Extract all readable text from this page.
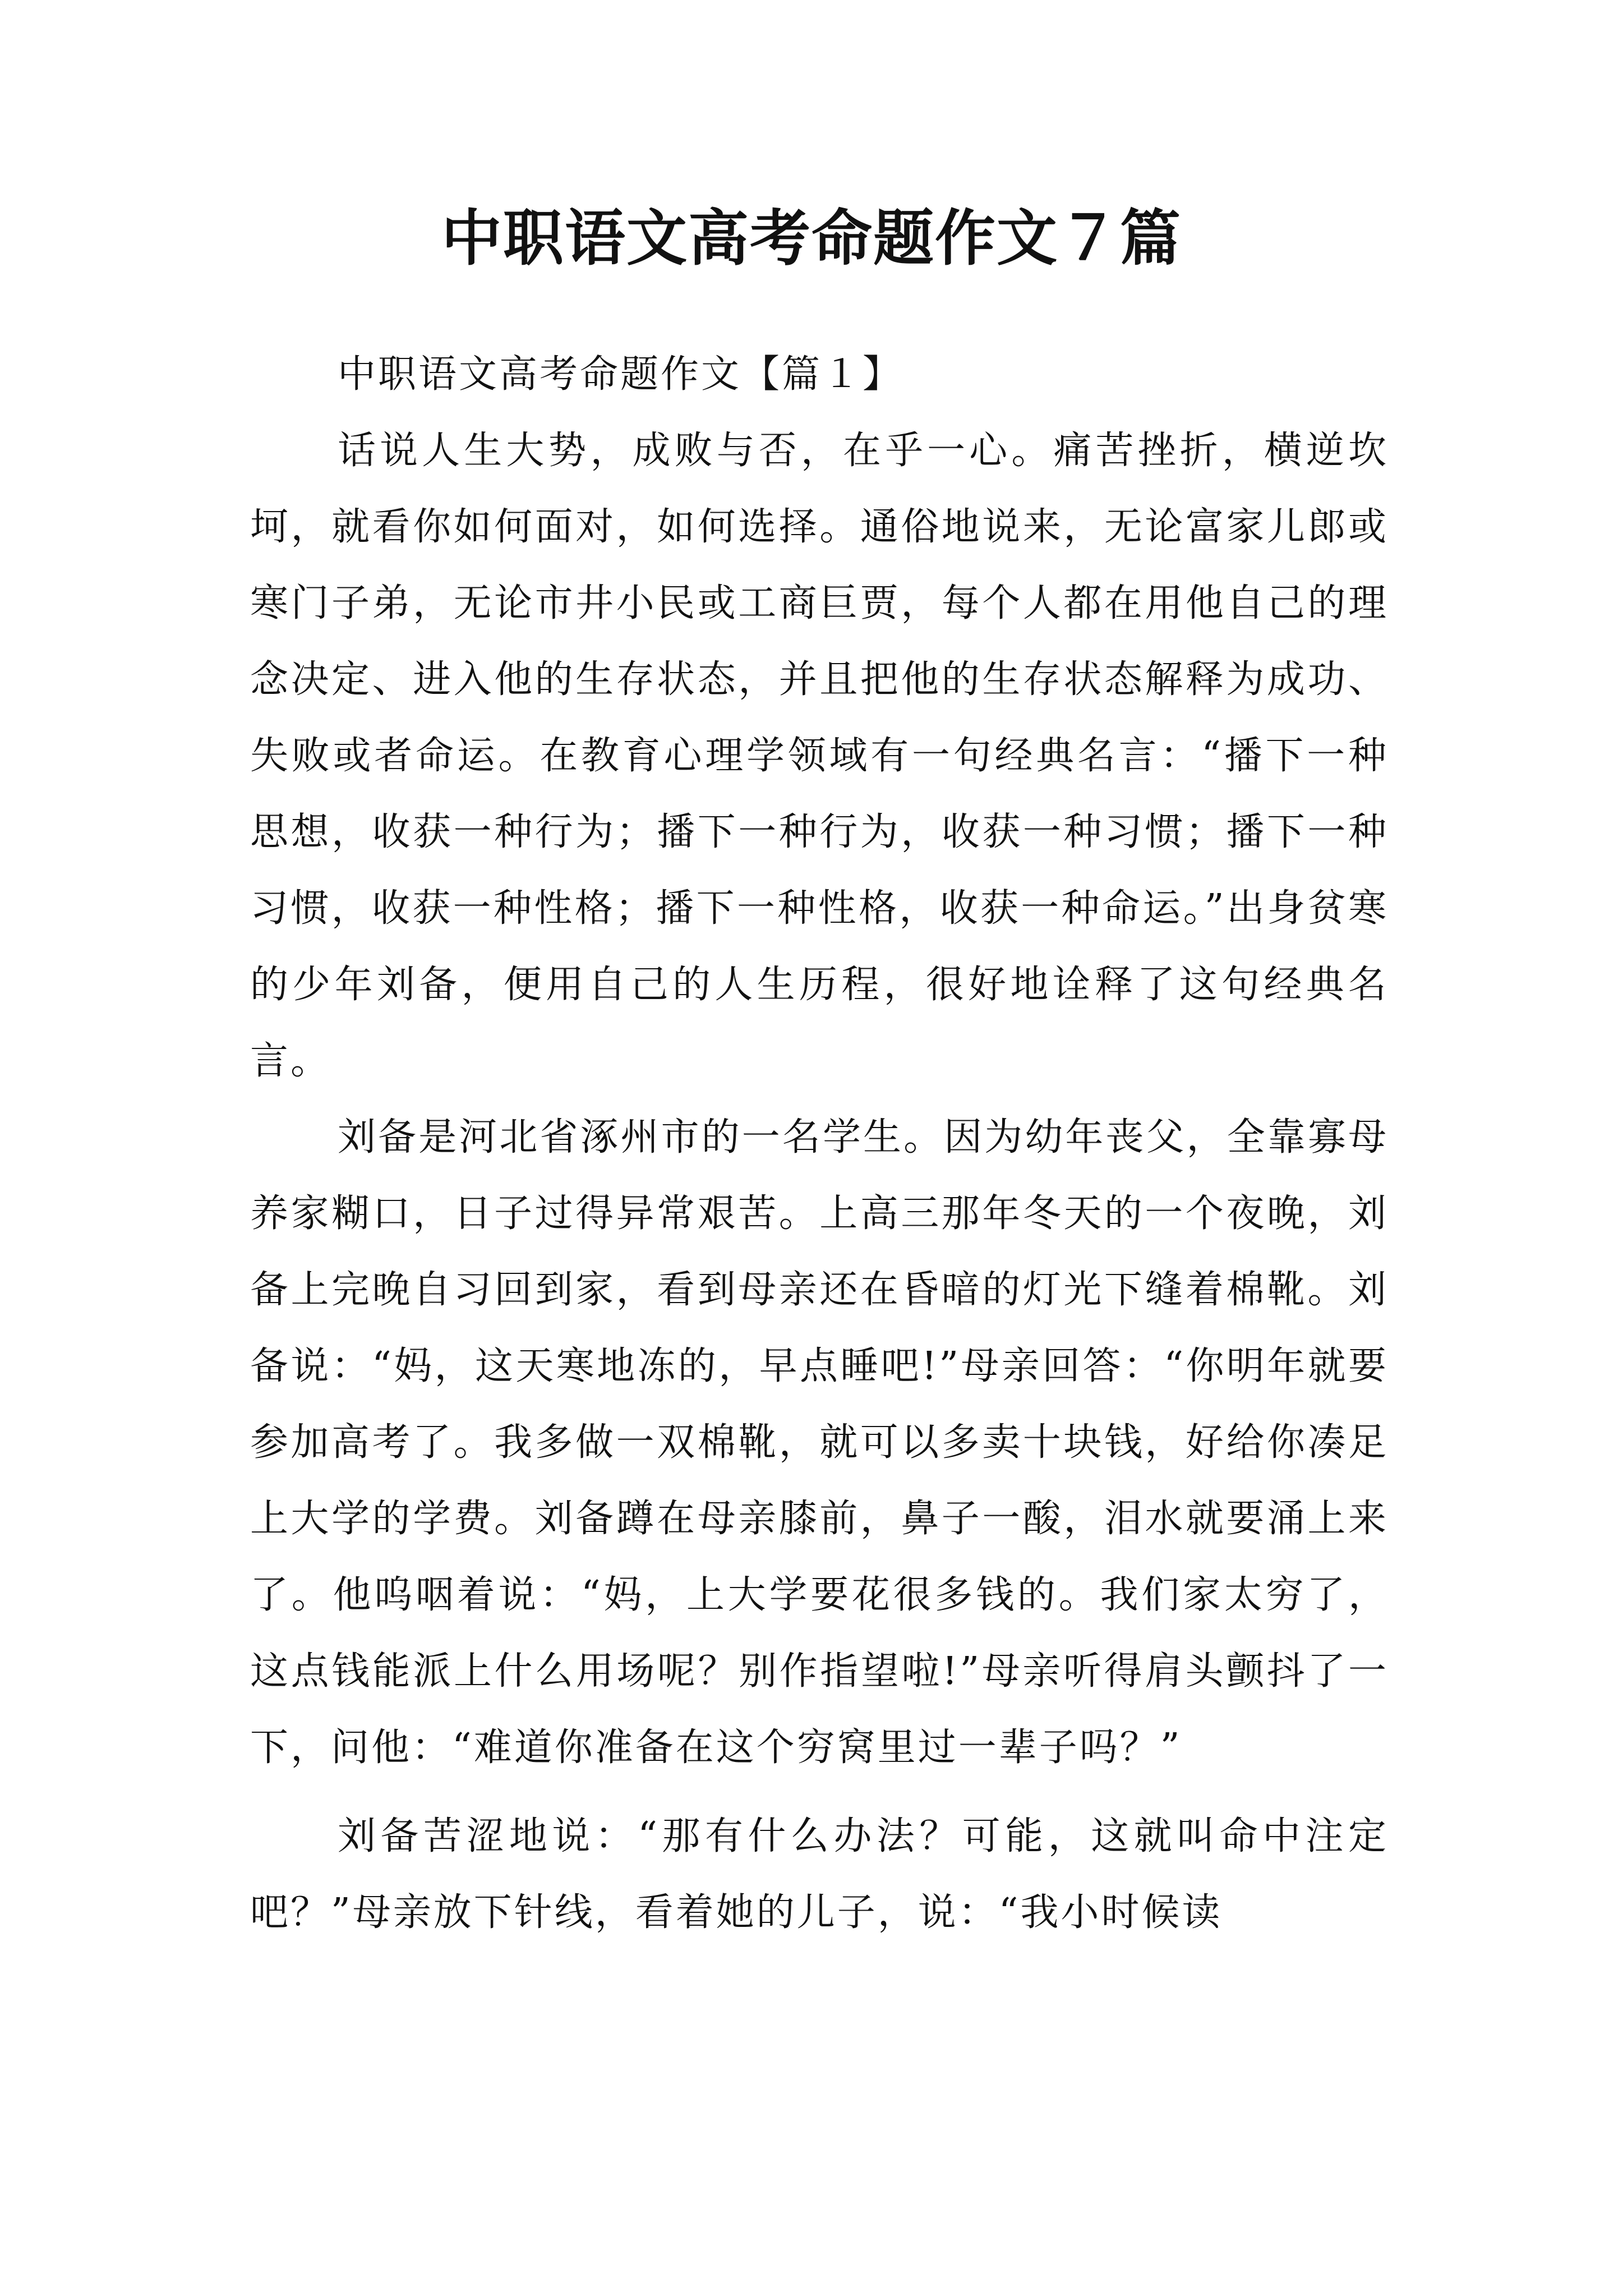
中职语文高考命题作文７篇

中职语文高考命题作文【篇１】

话说人生大势，成败与否，在乎一心。痛苦挫折，横逆坎坷，就看你如何面对，如何选择。通俗地说来，无论富家儿郎或寒门子弟，无论市井小民或工商巨贾，每个人都在用他自己的理念决定、进入他的生存状态，并且把他的生存状态解释为成功、失败或者命运。在教育心理学领域有一句经典名言：“播下一种思想，收获一种行为；播下一种行为，收获一种习惯；播下一种习惯，收获一种性格；播下一种性格，收获一种命运。”出身贫寒的少年刘备，便用自己的人生历程，很好地诠释了这句经典名言。

刘备是河北省涿州市的一名学生。因为幼年丧父，全靠寡母养家糊口，日子过得异常艰苦。上高三那年冬天的一个夜晚，刘备上完晚自习回到家，看到母亲还在昏暗的灯光下缝着棉靴。刘备说：“妈，这天寒地冻的，早点睡吧!”母亲回答：“你明年就要参加高考了。我多做一双棉靴，就可以多卖十块钱，好给你凑足上大学的学费。刘备蹲在母亲膝前，鼻子一酸，泪水就要涌上来了。他呜咽着说：“妈，上大学要花很多钱的。我们家太穷了，这点钱能派上什么用场呢？别作指望啦!”母亲听得肩头颤抖了一下，问他：“难道你准备在这个穷窝里过一辈子吗？”

刘备苦涩地说：“那有什么办法？可能，这就叫命中注定吧？”母亲放下针线，看着她的儿子，说：“我小时候读
